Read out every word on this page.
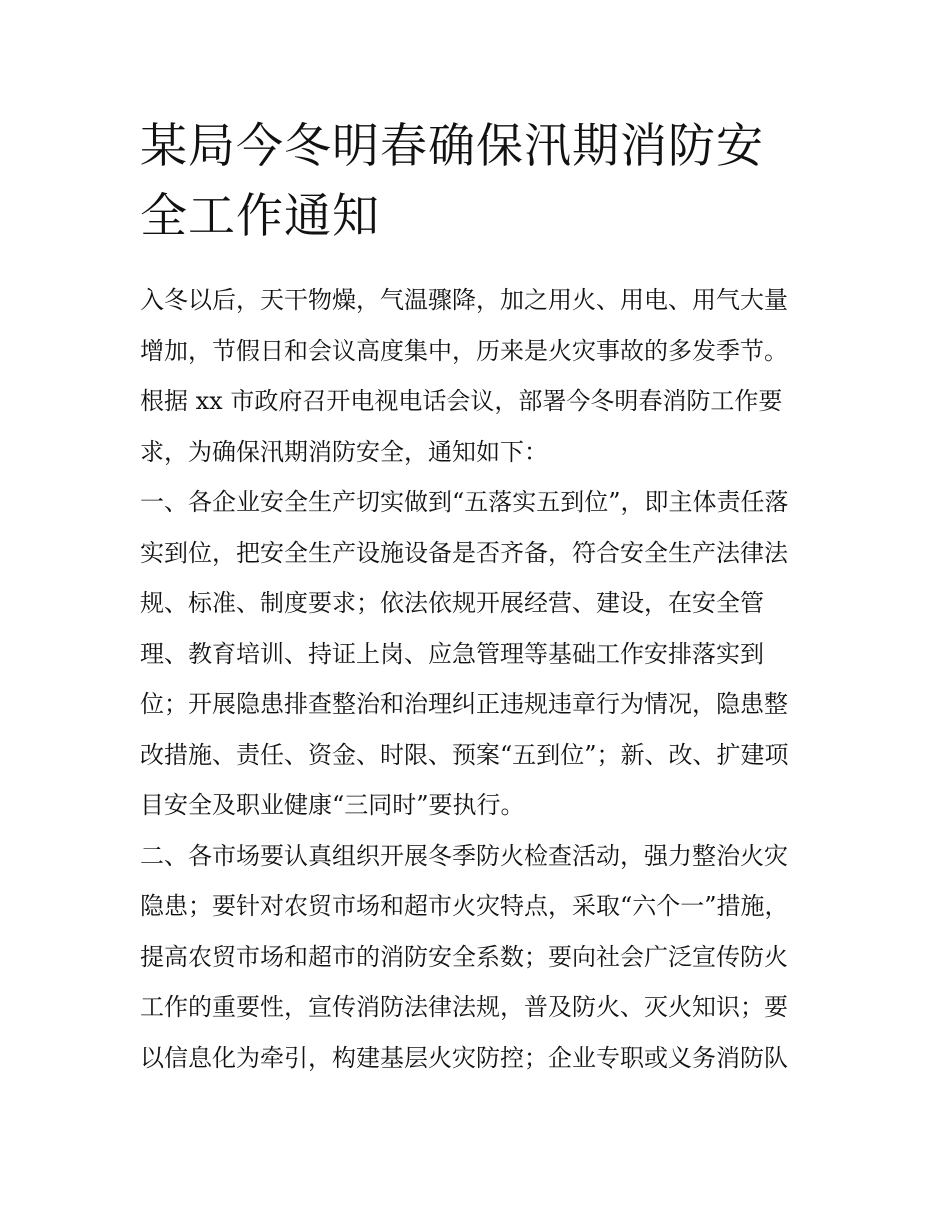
某局今冬明春确保汛期消防安
全工作通知
入冬以后，天干物燥，气温骤降，加之用火、用电、用气大量
增加，节假日和会议高度集中，历来是火灾事故的多发季节。
根据 xx 市政府召开电视电话会议，部署今冬明春消防工作要
求，为确保汛期消防安全，通知如下：
一、各企业安全生产切实做到“五落实五到位”，即主体责任落
实到位，把安全生产设施设备是否齐备，符合安全生产法律法
规、标准、制度要求；依法依规开展经营、建设，在安全管
理、教育培训、持证上岗、应急管理等基础工作安排落实到
位；开展隐患排查整治和治理纠正违规违章行为情况，隐患整
改措施、责任、资金、时限、预案“五到位”；新、改、扩建项
目安全及职业健康“三同时”要执行。
二、各市场要认真组织开展冬季防火检查活动，强力整治火灾
隐患；要针对农贸市场和超市火灾特点，采取“六个一”措施，
提高农贸市场和超市的消防安全系数；要向社会广泛宣传防火
工作的重要性，宣传消防法律法规，普及防火、灭火知识；要
以信息化为牵引，构建基层火灾防控；企业专职或义务消防队
